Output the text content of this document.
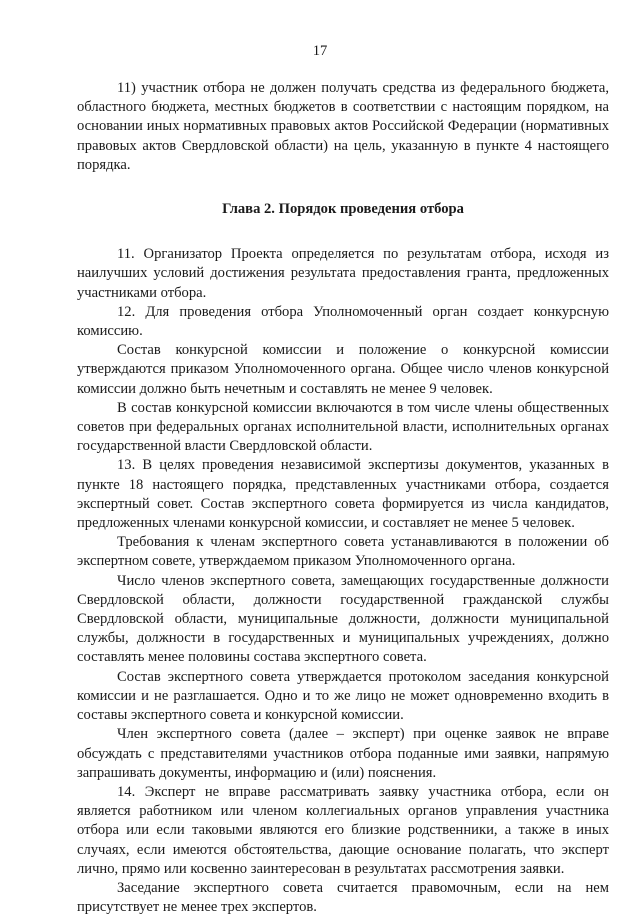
17

11) участник отбора не должен получать средства из федерального бюджета, областного бюджета, местных бюджетов в соответствии с настоящим порядком, на основании иных нормативных правовых актов Российской Федерации (нормативных правовых актов Свердловской области) на цель, указанную в пункте 4 настоящего порядка.

Глава 2. Порядок проведения отбора

11. Организатор Проекта определяется по результатам отбора, исходя из наилучших условий достижения результата предоставления гранта, предложенных участниками отбора.

12. Для проведения отбора Уполномоченный орган создает конкурсную комиссию.

Состав конкурсной комиссии и положение о конкурсной комиссии утверждаются приказом Уполномоченного органа. Общее число членов конкурсной комиссии должно быть нечетным и составлять не менее 9 человек.

В состав конкурсной комиссии включаются в том числе члены общественных советов при федеральных органах исполнительной власти, исполнительных органах государственной власти Свердловской области.

13. В целях проведения независимой экспертизы документов, указанных в пункте 18 настоящего порядка, представленных участниками отбора, создается экспертный совет. Состав экспертного совета формируется из числа кандидатов, предложенных членами конкурсной комиссии, и составляет не менее 5 человек.

Требования к членам экспертного совета устанавливаются в положении об экспертном совете, утверждаемом приказом Уполномоченного органа.

Число членов экспертного совета, замещающих государственные должности Свердловской области, должности государственной гражданской службы Свердловской области, муниципальные должности, должности муниципальной службы, должности в государственных и муниципальных учреждениях, должно составлять менее половины состава экспертного совета.

Состав экспертного совета утверждается протоколом заседания конкурсной комиссии и не разглашается. Одно и то же лицо не может одновременно входить в составы экспертного совета и конкурсной комиссии.

Член экспертного совета (далее – эксперт) при оценке заявок не вправе обсуждать с представителями участников отбора поданные ими заявки, напрямую запрашивать документы, информацию и (или) пояснения.

14. Эксперт не вправе рассматривать заявку участника отбора, если он является работником или членом коллегиальных органов управления участника отбора или если таковыми являются его близкие родственники, а также в иных случаях, если имеются обстоятельства, дающие основание полагать, что эксперт лично, прямо или косвенно заинтересован в результатах рассмотрения заявки.

Заседание экспертного совета считается правомочным, если на нем присутствует не менее трех экспертов.
